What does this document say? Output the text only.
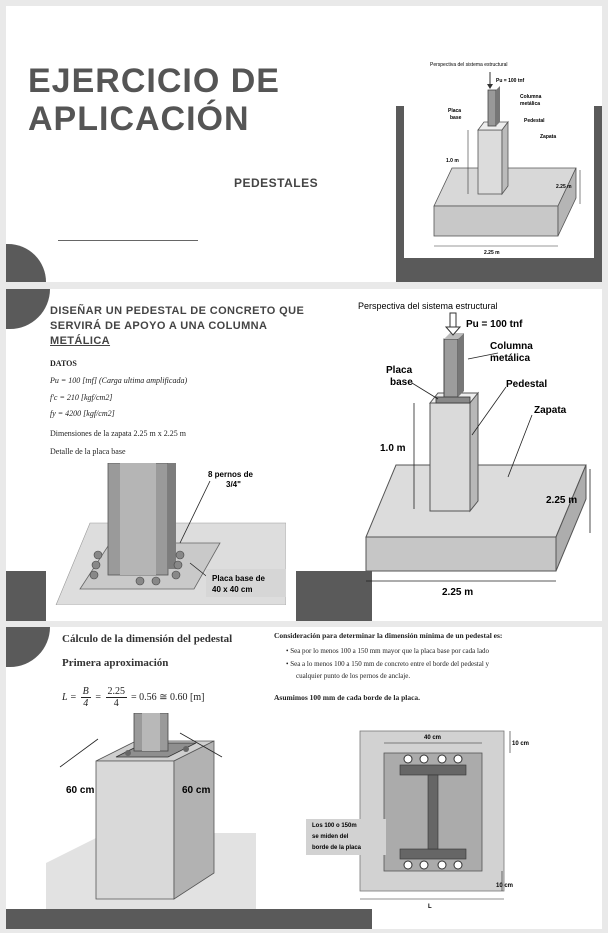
EJERCICIO DE
APLICACIÓN
PEDESTALES
Perspectiva del sistema estructural
Pu = 100 tnf
Columna
metálica
Placa
base	Pedestal
Zapata
1.0 m
2.25 m
2.25 m
DISEÑAR UN PEDESTAL DE CONCRETO QUE
SERVIRÁ DE APOYO A UNA COLUMNA
METÁLICA
DATOS
Pu = 100 [tnf] (Carga ultima amplificada)
f'c = 210 [kgf/cm2]
fy = 4200 [kgf/cm2]
Dimensiones de la zapata 2.25 m x 2.25 m
Detalle de la placa base
8 pernos de
3/4"
Placa base de
40 x 40 cm
Perspectiva del sistema estructural
Pu = 100 tnf
Columna
metálica
Placa
base	Pedestal
Zapata
1.0 m
2.25 m
2.25 m
Cálculo de la dimensión del pedestal
Primera aproximación
$L = \frac{B}{4} = \frac{2.25}{4} = 0.56$ ≅ 0.60 [m]
60 cm	60 cm
Consideración para determinar la dimensión mínima de un pedestal es:
• Sea por lo menos 100 a 150 mm mayor que la placa base por cada lado
• Sea a lo menos 100 a 150 mm de concreto entre el borde del pedestal y
cualquier punto de los pernos de anclaje.
Asumimos 100 mm de cada borde de la placa.
40 cm
10 cm
10 cm
Los 100 o 150m
se miden del
borde de la placa
L
